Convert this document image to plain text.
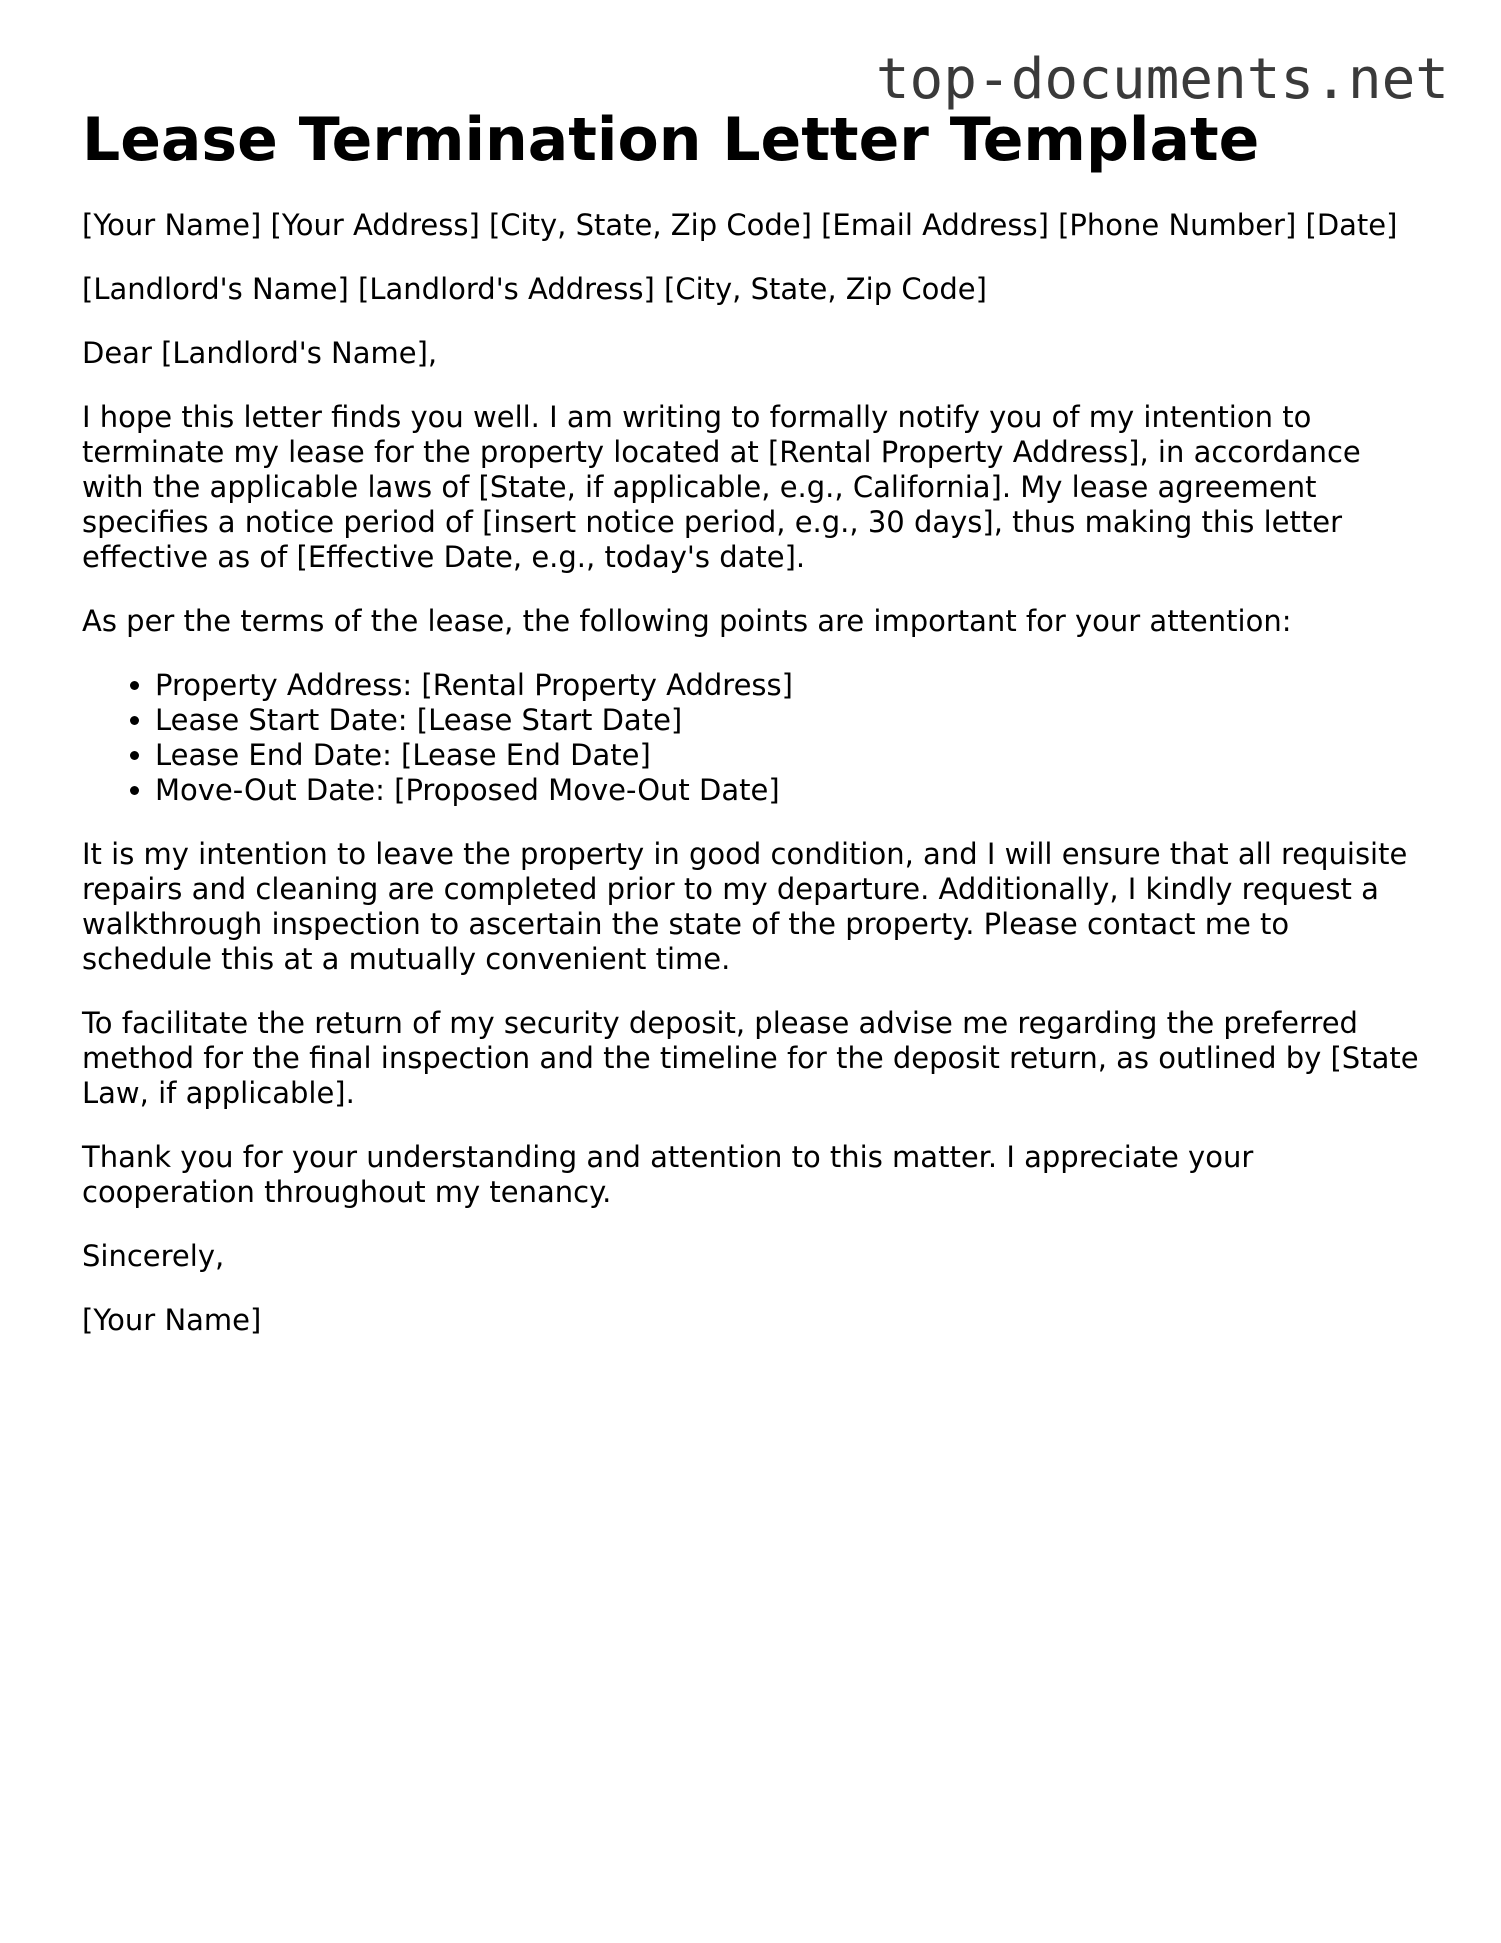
top-documents.net
Lease Termination Letter Template

[Your Name] [Your Address] [City, State, Zip Code] [Email Address] [Phone Number] [Date]

[Landlord's Name] [Landlord's Address] [City, State, Zip Code]

Dear [Landlord's Name],

I hope this letter finds you well. I am writing to formally notify you of my intention to terminate my lease for the property located at [Rental Property Address], in accordance with the applicable laws of [State, if applicable, e.g., California]. My lease agreement specifies a notice period of [insert notice period, e.g., 30 days], thus making this letter effective as of [Effective Date, e.g., today's date].

As per the terms of the lease, the following points are important for your attention:

• Property Address: [Rental Property Address]
• Lease Start Date: [Lease Start Date]
• Lease End Date: [Lease End Date]
• Move-Out Date: [Proposed Move-Out Date]

It is my intention to leave the property in good condition, and I will ensure that all requisite repairs and cleaning are completed prior to my departure. Additionally, I kindly request a walkthrough inspection to ascertain the state of the property. Please contact me to schedule this at a mutually convenient time.

To facilitate the return of my security deposit, please advise me regarding the preferred method for the final inspection and the timeline for the deposit return, as outlined by [State Law, if applicable].

Thank you for your understanding and attention to this matter. I appreciate your cooperation throughout my tenancy.

Sincerely,

[Your Name]
